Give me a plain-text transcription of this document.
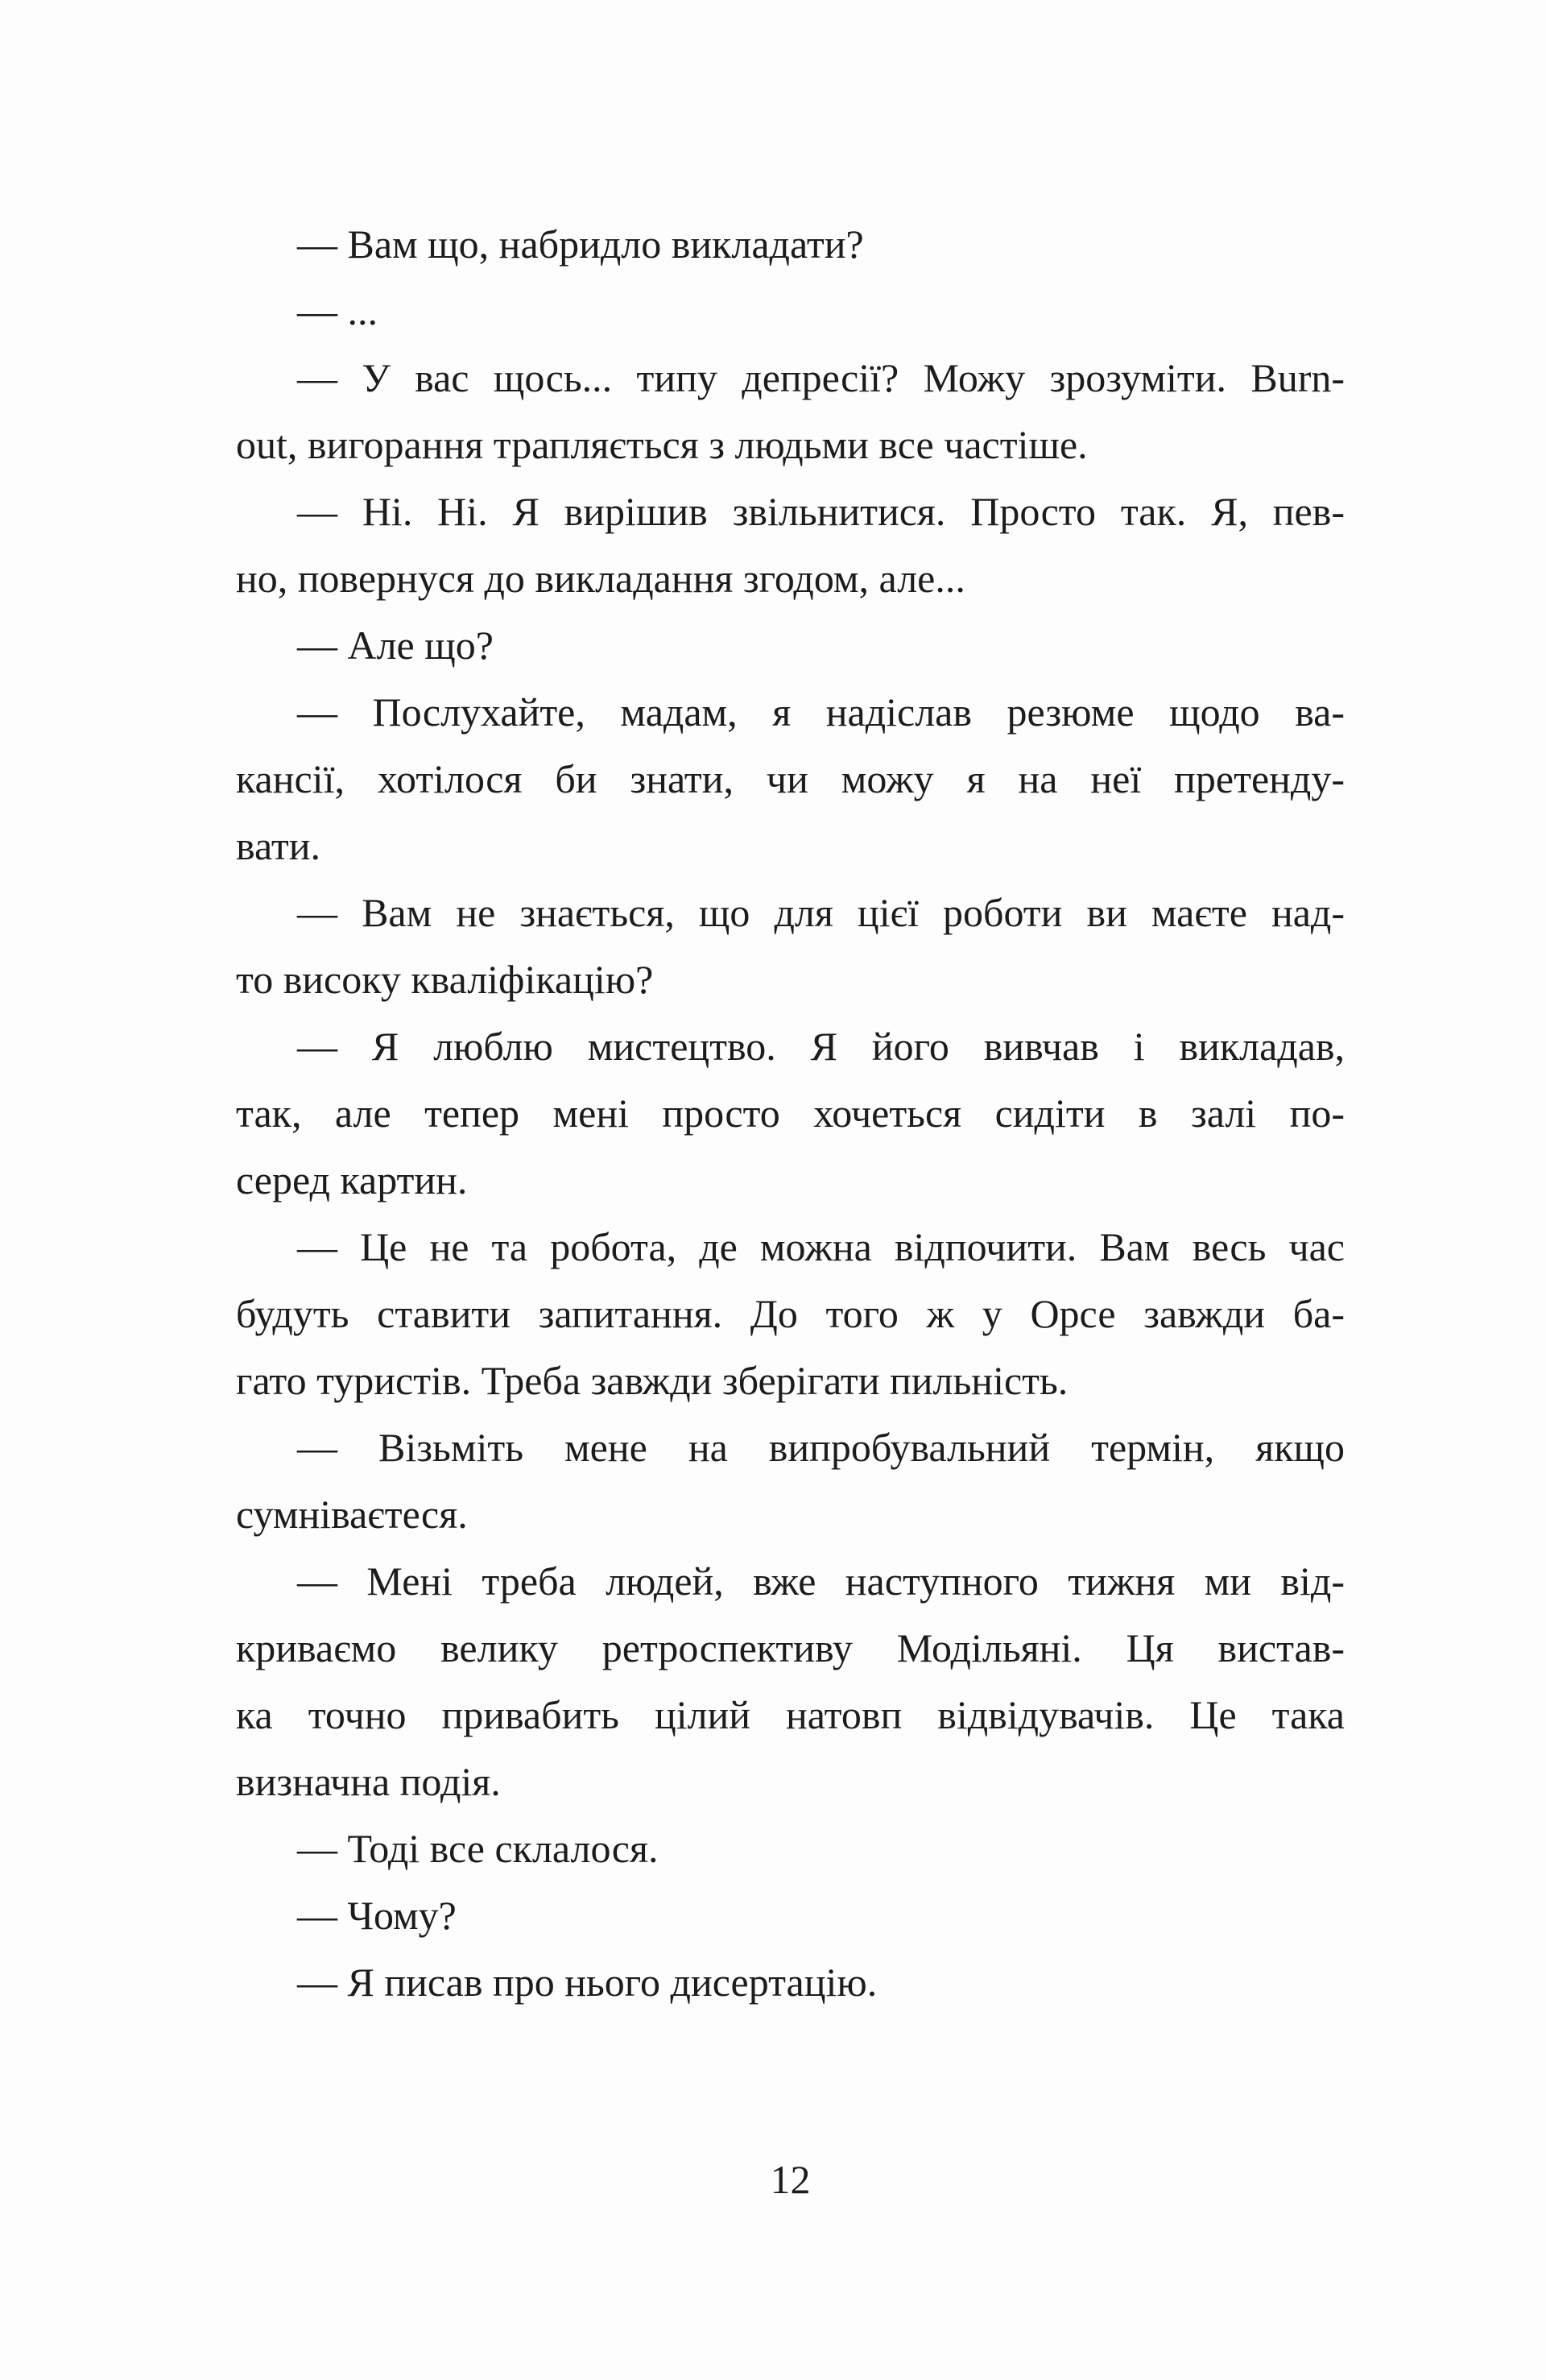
— Вам що, набридло викладати?
— ...
— У вас щось... типу депресії? Можу зрозуміти. Burn-
out, вигорання трапляється з людьми все частіше.
— Ні. Ні. Я вирішив звільнитися. Просто так. Я, пев-
но, повернуся до викладання згодом, але...
— Але що?
— Послухайте, мадам, я надіслав резюме щодо ва-
кансії, хотілося би знати, чи можу я на неї претенду-
вати.
— Вам не знається, що для цієї роботи ви маєте над-
то високу кваліфікацію?
— Я люблю мистецтво. Я його вивчав і викладав,
так, але тепер мені просто хочеться сидіти в залі по-
серед картин.
— Це не та робота, де можна відпочити. Вам весь час
будуть ставити запитання. До того ж у Орсе завжди ба-
гато туристів. Треба завжди зберігати пильність.
— Візьміть мене на випробувальний термін, якщо
сумніваєтеся.
— Мені треба людей, вже наступного тижня ми від-
криваємо велику ретроспективу Модільяні. Ця вистав-
ка точно привабить цілий натовп відвідувачів. Це така
визначна подія.
— Тоді все склалося.
— Чому?
— Я писав про нього дисертацію.
12
